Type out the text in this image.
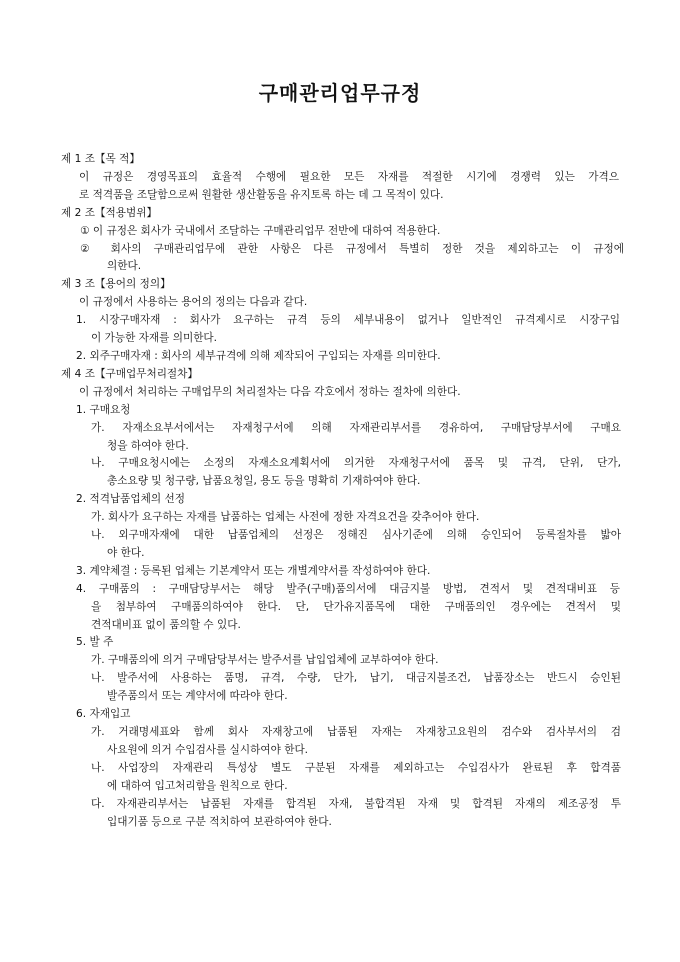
구매관리업무규정
제 1 조【목 적】
이 규정은 경영목표의 효율적 수행에 필요한 모든 자재를 적절한 시기에 경쟁력 있는 가격으
로 적격품을 조달함으로써 원활한 생산활동을 유지토록 하는 데 그 목적이 있다.
제 2 조【적용범위】
① 이 규정은 회사가 국내에서 조달하는 구매관리업무 전반에 대하여 적용한다.
② 회사의 구매관리업무에 관한 사항은 다른 규정에서 특별히 정한 것을 제외하고는 이 규정에
의한다.
제 3 조【용어의 정의】
이 규정에서 사용하는 용어의 정의는 다음과 같다.
1. 시장구매자재 : 회사가 요구하는 규격 등의 세부내용이 없거나 일반적인 규격제시로 시장구입
이 가능한 자재를 의미한다.
2. 외주구매자재 : 회사의 세부규격에 의해 제작되어 구입되는 자재를 의미한다.
제 4 조【구매업무처리절차】
이 규정에서 처리하는 구매업무의 처리절차는 다음 각호에서 정하는 절차에 의한다.
1. 구매요청
가. 자재소요부서에서는 자재청구서에 의해 자재관리부서를 경유하여, 구매담당부서에 구매요
청을 하여야 한다.
나. 구매요청시에는 소정의 자재소요계획서에 의거한 자재청구서에 품목 및 규격, 단위, 단가,
총소요량 및 청구량, 납품요청일, 용도 등을 명확히 기재하여야 한다.
2. 적격납품업체의 선정
가. 회사가 요구하는 자재를 납품하는 업체는 사전에 정한 자격요건을 갖추어야 한다.
나. 외구매자재에 대한 납품업체의 선정은 정해진 심사기준에 의해 승인되어 등록절차를 밟아
야 한다.
3. 계약체결 : 등록된 업체는 기본계약서 또는 개별계약서를 작성하여야 한다.
4. 구매품의 : 구매담당부서는 해당 발주(구매)품의서에 대금지불 방법, 견적서 및 견적대비표 등
을 첨부하여 구매품의하여야 한다. 단, 단가유지품목에 대한 구매품의인 경우에는 견적서 및
견적대비표 없이 품의할 수 있다.
5. 발 주
가. 구매품의에 의거 구매담당부서는 발주서를 납입업체에 교부하여야 한다.
나. 발주서에 사용하는 품명, 규격, 수량, 단가, 납기, 대금지불조건, 납품장소는 반드시 승인된
발주품의서 또는 계약서에 따라야 한다.
6. 자재입고
가. 거래명세표와 함께 회사 자재창고에 납품된 자재는 자재창고요원의 검수와 검사부서의 검
사요원에 의거 수입검사를 실시하여야 한다.
나. 사업장의 자재관리 특성상 별도 구분된 자재를 제외하고는 수입검사가 완료된 후 합격품
에 대하여 입고처리함을 원칙으로 한다.
다. 자재관리부서는 납품된 자재를 합격된 자재, 불합격된 자재 및 합격된 자재의 제조공정 투
입대기품 등으로 구분 적치하여 보관하여야 한다.
